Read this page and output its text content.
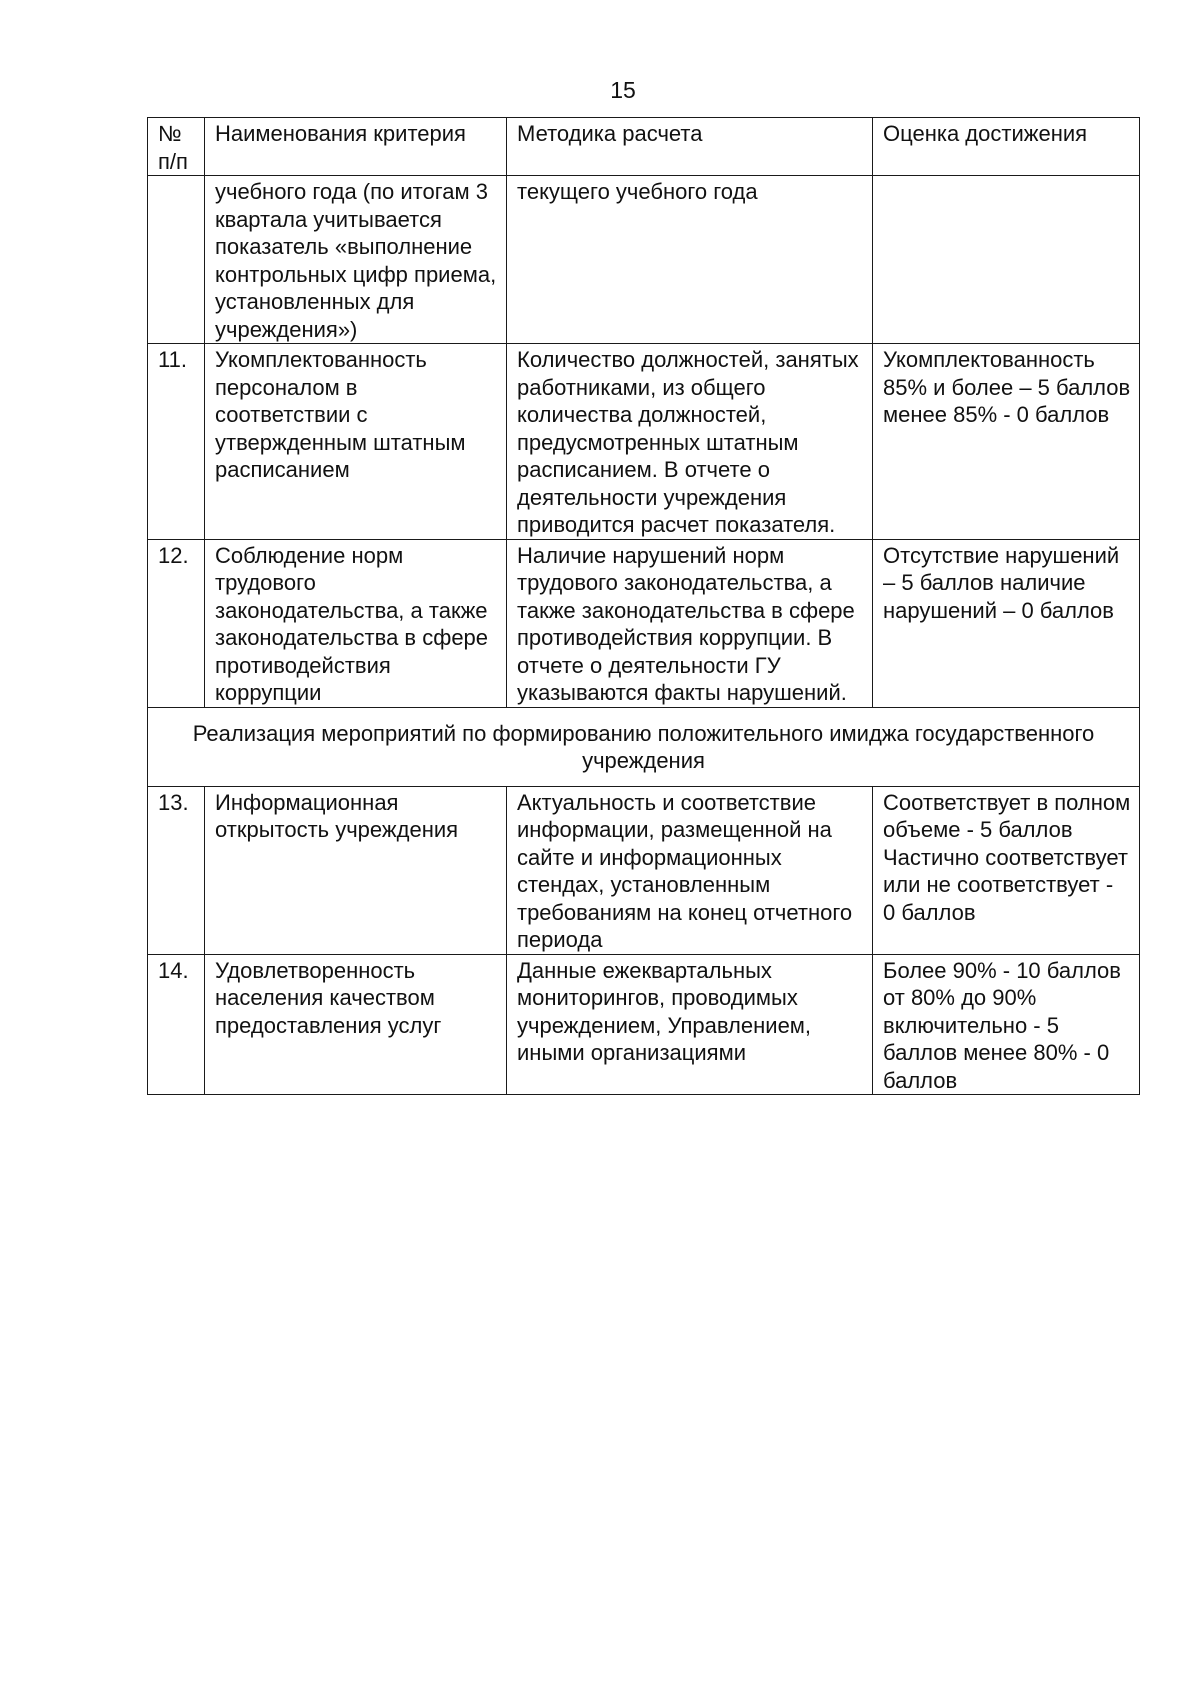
15
№ п/п	Наименования критерия	Методика расчета	Оценка достижения
	учебного года (по итогам 3 квартала учитывается показатель «выполнение контрольных цифр приема, установленных для учреждения»)	текущего учебного года	
11.	Укомплектованность персоналом в соответствии с утвержденным штатным расписанием	Количество должностей, занятых работниками, из общего количества должностей, предусмотренных штатным расписанием. В отчете о деятельности учреждения приводится расчет показателя.	Укомплектованность 85% и более – 5 баллов менее 85% - 0 баллов
12.	Соблюдение норм трудового законодательства, а также законодательства в сфере противодействия коррупции	Наличие нарушений норм трудового законодательства, а также законодательства в сфере противодействия коррупции. В отчете о деятельности ГУ указываются факты нарушений.	Отсутствие нарушений – 5 баллов наличие нарушений – 0 баллов
Реализация мероприятий по формированию положительного имиджа государственного учреждения			
13.	Информационная открытость учреждения	Актуальность и соответствие информации, размещенной на сайте и информационных стендах, установленным требованиям на конец отчетного периода	Соответствует в полном объеме - 5 баллов Частично соответствует или не соответствует - 0 баллов
14.	Удовлетворенность населения качеством предоставления услуг	Данные ежеквартальных мониторингов, проводимых учреждением, Управлением, иными организациями	Более 90% - 10 баллов от 80% до 90% включительно - 5 баллов менее 80% - 0 баллов
